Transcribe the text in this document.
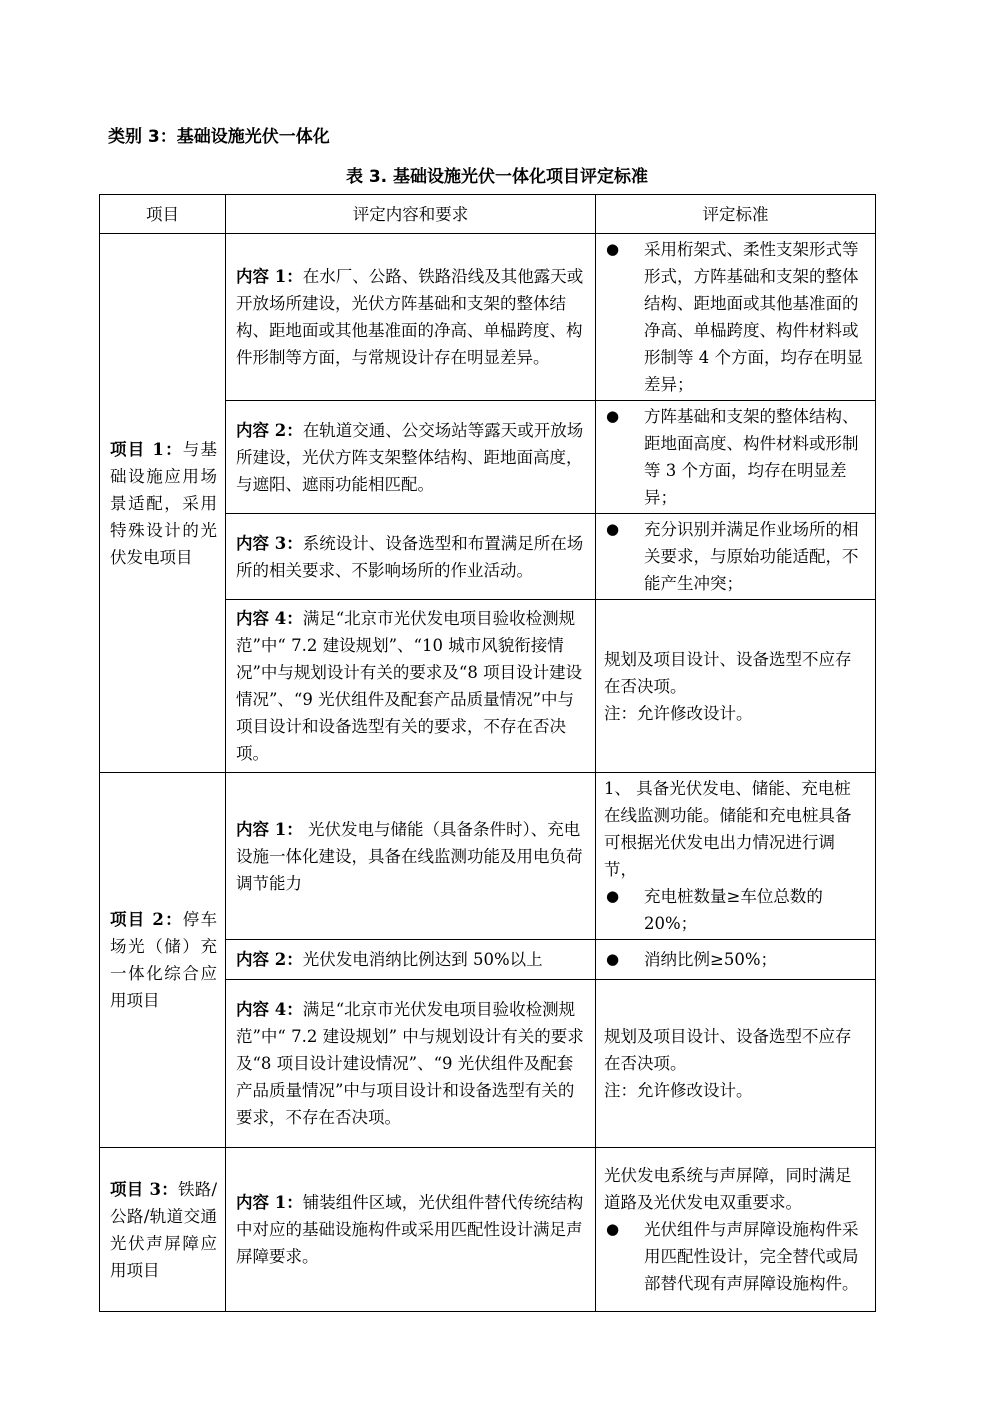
类别 3：基础设施光伏一体化
表 3. 基础设施光伏一体化项目评定标准
项目	评定内容和要求	评定标准
项目 1：与基础设施应用场景适配，采用特殊设计的光伏发电项目	内容 1：在水厂、公路、铁路沿线及其他露天或开放场所建设，光伏方阵基础和支架的整体结构、距地面或其他基准面的净高、单榀跨度、构件形制等方面，与常规设计存在明显差异。	● 采用桁架式、柔性支架形式等形式，方阵基础和支架的整体结构、距地面或其他基准面的净高、单榀跨度、构件材料或形制等 4 个方面，均存在明显差异；

	内容 2：在轨道交通、公交场站等露天或开放场所建设，光伏方阵支架整体结构、距地面高度，与遮阳、遮雨功能相匹配。	● 方阵基础和支架的整体结构、距地面高度、构件材料或形制等 3 个方面，均存在明显差异；

	内容 3：系统设计、设备选型和布置满足所在场所的相关要求、不影响场所的作业活动。	● 充分识别并满足作业场所的相关要求，与原始功能适配，不能产生冲突；

	内容 4：满足“北京市光伏发电项目验收检测规范”中“ 7.2 建设规划”、“10 城市风貌衔接情况”中与规划设计有关的要求及“8 项目设计建设情况”、“9 光伏组件及配套产品质量情况”中与项目设计和设备选型有关的要求，不存在否决项。	规划及项目设计、设备选型不应存在否决项。
注：允许修改设计。

项目 2：停车场光（储）充一体化综合应用项目	内容 1： 光伏发电与储能（具备条件时）、充电设施一体化建设，具备在线监测功能及用电负荷调节能力	1、 具备光伏发电、储能、充电桩在线监测功能。储能和充电桩具备可根据光伏发电出力情况进行调节，
● 充电桩数量≥车位总数的 20%；

	内容 2：光伏发电消纳比例达到 50%以上	● 消纳比例≥50%；

	内容 4：满足“北京市光伏发电项目验收检测规范”中“ 7.2 建设规划” 中与规划设计有关的要求及“8 项目设计建设情况”、“9 光伏组件及配套产品质量情况”中与项目设计和设备选型有关的要求，不存在否决项。	规划及项目设计、设备选型不应存在否决项。
注：允许修改设计。

项目 3：铁路/公路/轨道交通光伏声屏障应用项目	内容 1：铺装组件区域，光伏组件替代传统结构中对应的基础设施构件或采用匹配性设计满足声屏障要求。	光伏发电系统与声屏障，同时满足道路及光伏发电双重要求。
● 光伏组件与声屏障设施构件采用匹配性设计，完全替代或局部替代现有声屏障设施构件。
